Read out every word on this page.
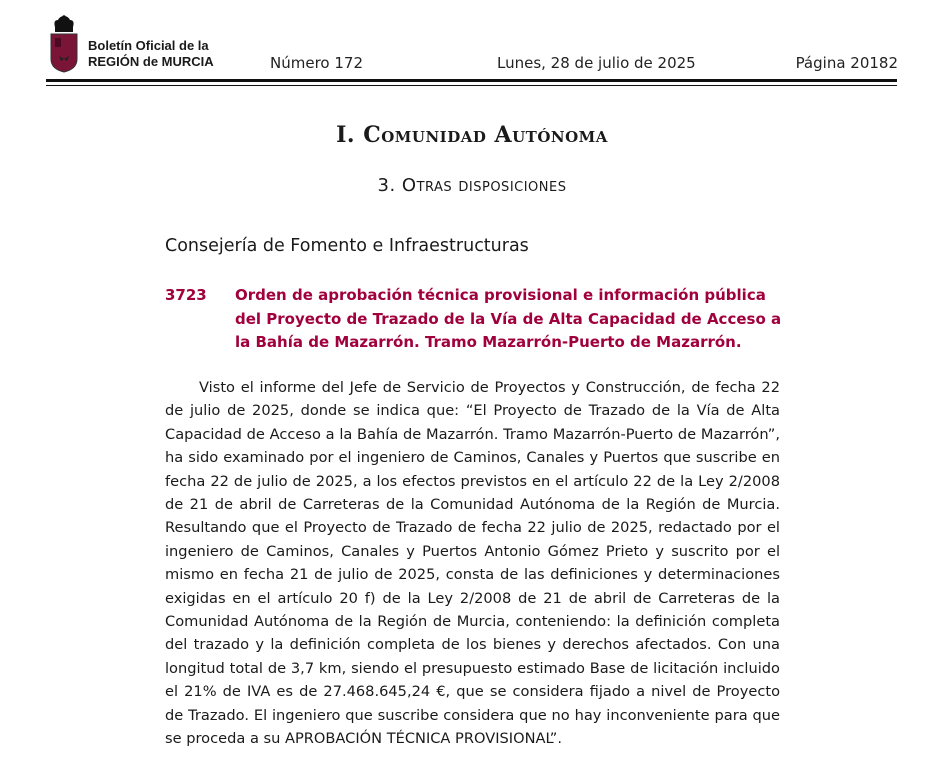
Boletín Oficial de la
REGIÓN de MURCIA	Número 172	Lunes, 28 de julio de 2025	Página 20182
I. Comunidad Autónoma
3. Otras disposiciones
Consejería de Fomento e Infraestructuras
3723 Orden de aprobación técnica provisional e información pública del Proyecto de Trazado de la Vía de Alta Capacidad de Acceso a la Bahía de Mazarrón. Tramo Mazarrón-Puerto de Mazarrón.

Visto el informe del Jefe de Servicio de Proyectos y Construcción, de fecha 22 de julio de 2025, donde se indica que: “El Proyecto de Trazado de la Vía de Alta Capacidad de Acceso a la Bahía de Mazarrón. Tramo Mazarrón-Puerto de Mazarrón”, ha sido examinado por el ingeniero de Caminos, Canales y Puertos que suscribe en fecha 22 de julio de 2025, a los efectos previstos en el artículo 22 de la Ley 2/2008 de 21 de abril de Carreteras de la Comunidad Autónoma de la Región de Murcia. Resultando que el Proyecto de Trazado de fecha 22 julio de 2025, redactado por el ingeniero de Caminos, Canales y Puertos Antonio Gómez Prieto y suscrito por el mismo en fecha 21 de julio de 2025, consta de las definiciones y determinaciones exigidas en el artículo 20 f) de la Ley 2/2008 de 21 de abril de Carreteras de la Comunidad Autónoma de la Región de Murcia, conteniendo: la definición completa del trazado y la definición completa de los bienes y derechos afectados. Con una longitud total de 3,7 km, siendo el presupuesto estimado Base de licitación incluido el 21% de IVA es de 27.468.645,24 €, que se considera fijado a nivel de Proyecto de Trazado. El ingeniero que suscribe considera que no hay inconveniente para que se proceda a su APROBACIÓN TÉCNICA PROVISIONAL”.
